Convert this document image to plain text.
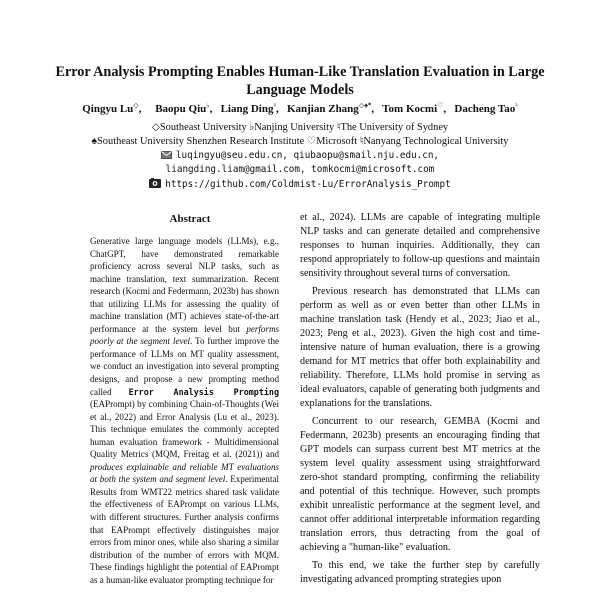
Error Analysis Prompting Enables Human-Like Translation Evaluation in Large Language Models
Qingyu Lu◇,     Baopu Qiu♭,   Liang Ding♮,   Kanjian Zhang◇♠*,   Tom Kocmi♡,   Dacheng Tao♮
◇Southeast University ♭Nanjing University ♮The University of Sydney
♠Southeast University Shenzhen Research Institute ♡Microsoft ♮Nanyang Technological University
luqingyu@seu.edu.cn, qiubaopu@smail.nju.edu.cn,
liangding.liam@gmail.com, tomkocmi@microsoft.com
https://github.com/Coldmist-Lu/ErrorAnalysis_Prompt
Abstract
Generative large language models (LLMs), e.g., ChatGPT, have demonstrated remarkable proficiency across several NLP tasks, such as machine translation, text summarization. Recent research (Kocmi and Federmann, 2023b) has shown that utilizing LLMs for assessing the quality of machine translation (MT) achieves state-of-the-art performance at the system level but performs poorly at the segment level. To further improve the performance of LLMs on MT quality assessment, we conduct an investigation into several prompting designs, and propose a new prompting method called Error Analysis Prompting (EAPrompt) by combining Chain-of-Thoughts (Wei et al., 2022) and Error Analysis (Lu et al., 2023). This technique emulates the commonly accepted human evaluation framework - Multidimensional Quality Metrics (MQM, Freitag et al. (2021)) and produces explainable and reliable MT evaluations at both the system and segment level. Experimental Results from WMT22 metrics shared task validate the effectiveness of EAPrompt on various LLMs, with different structures. Further analysis confirms that EAPrompt effectively distinguishes major errors from minor ones, while also sharing a similar distribution of the number of errors with MQM. These findings highlight the potential of EAPrompt as a human-like evaluator prompting technique for

et al., 2024). LLMs are capable of integrating multiple NLP tasks and can generate detailed and comprehensive responses to human inquiries. Additionally, they can respond appropriately to follow-up questions and maintain sensitivity throughout several turns of conversation.

Previous research has demonstrated that LLMs can perform as well as or even better than other LLMs in machine translation task (Hendy et al., 2023; Jiao et al., 2023; Peng et al., 2023). Given the high cost and time-intensive nature of human evaluation, there is a growing demand for MT metrics that offer both explainability and reliability. Therefore, LLMs hold promise in serving as ideal evaluators, capable of generating both judgments and explanations for the translations.

Concurrent to our research, GEMBA (Kocmi and Federmann, 2023b) presents an encouraging finding that GPT models can surpass current best MT metrics at the system level quality assessment using straightforward zero-shot standard prompting, confirming the reliability and potential of this technique. However, such prompts exhibit unrealistic performance at the segment level, and cannot offer additional interpretable information regarding translation errors, thus detracting from the goal of achieving a "human-like" evaluation.

To this end, we take the further step by carefully investigating advanced prompting strategies upon
